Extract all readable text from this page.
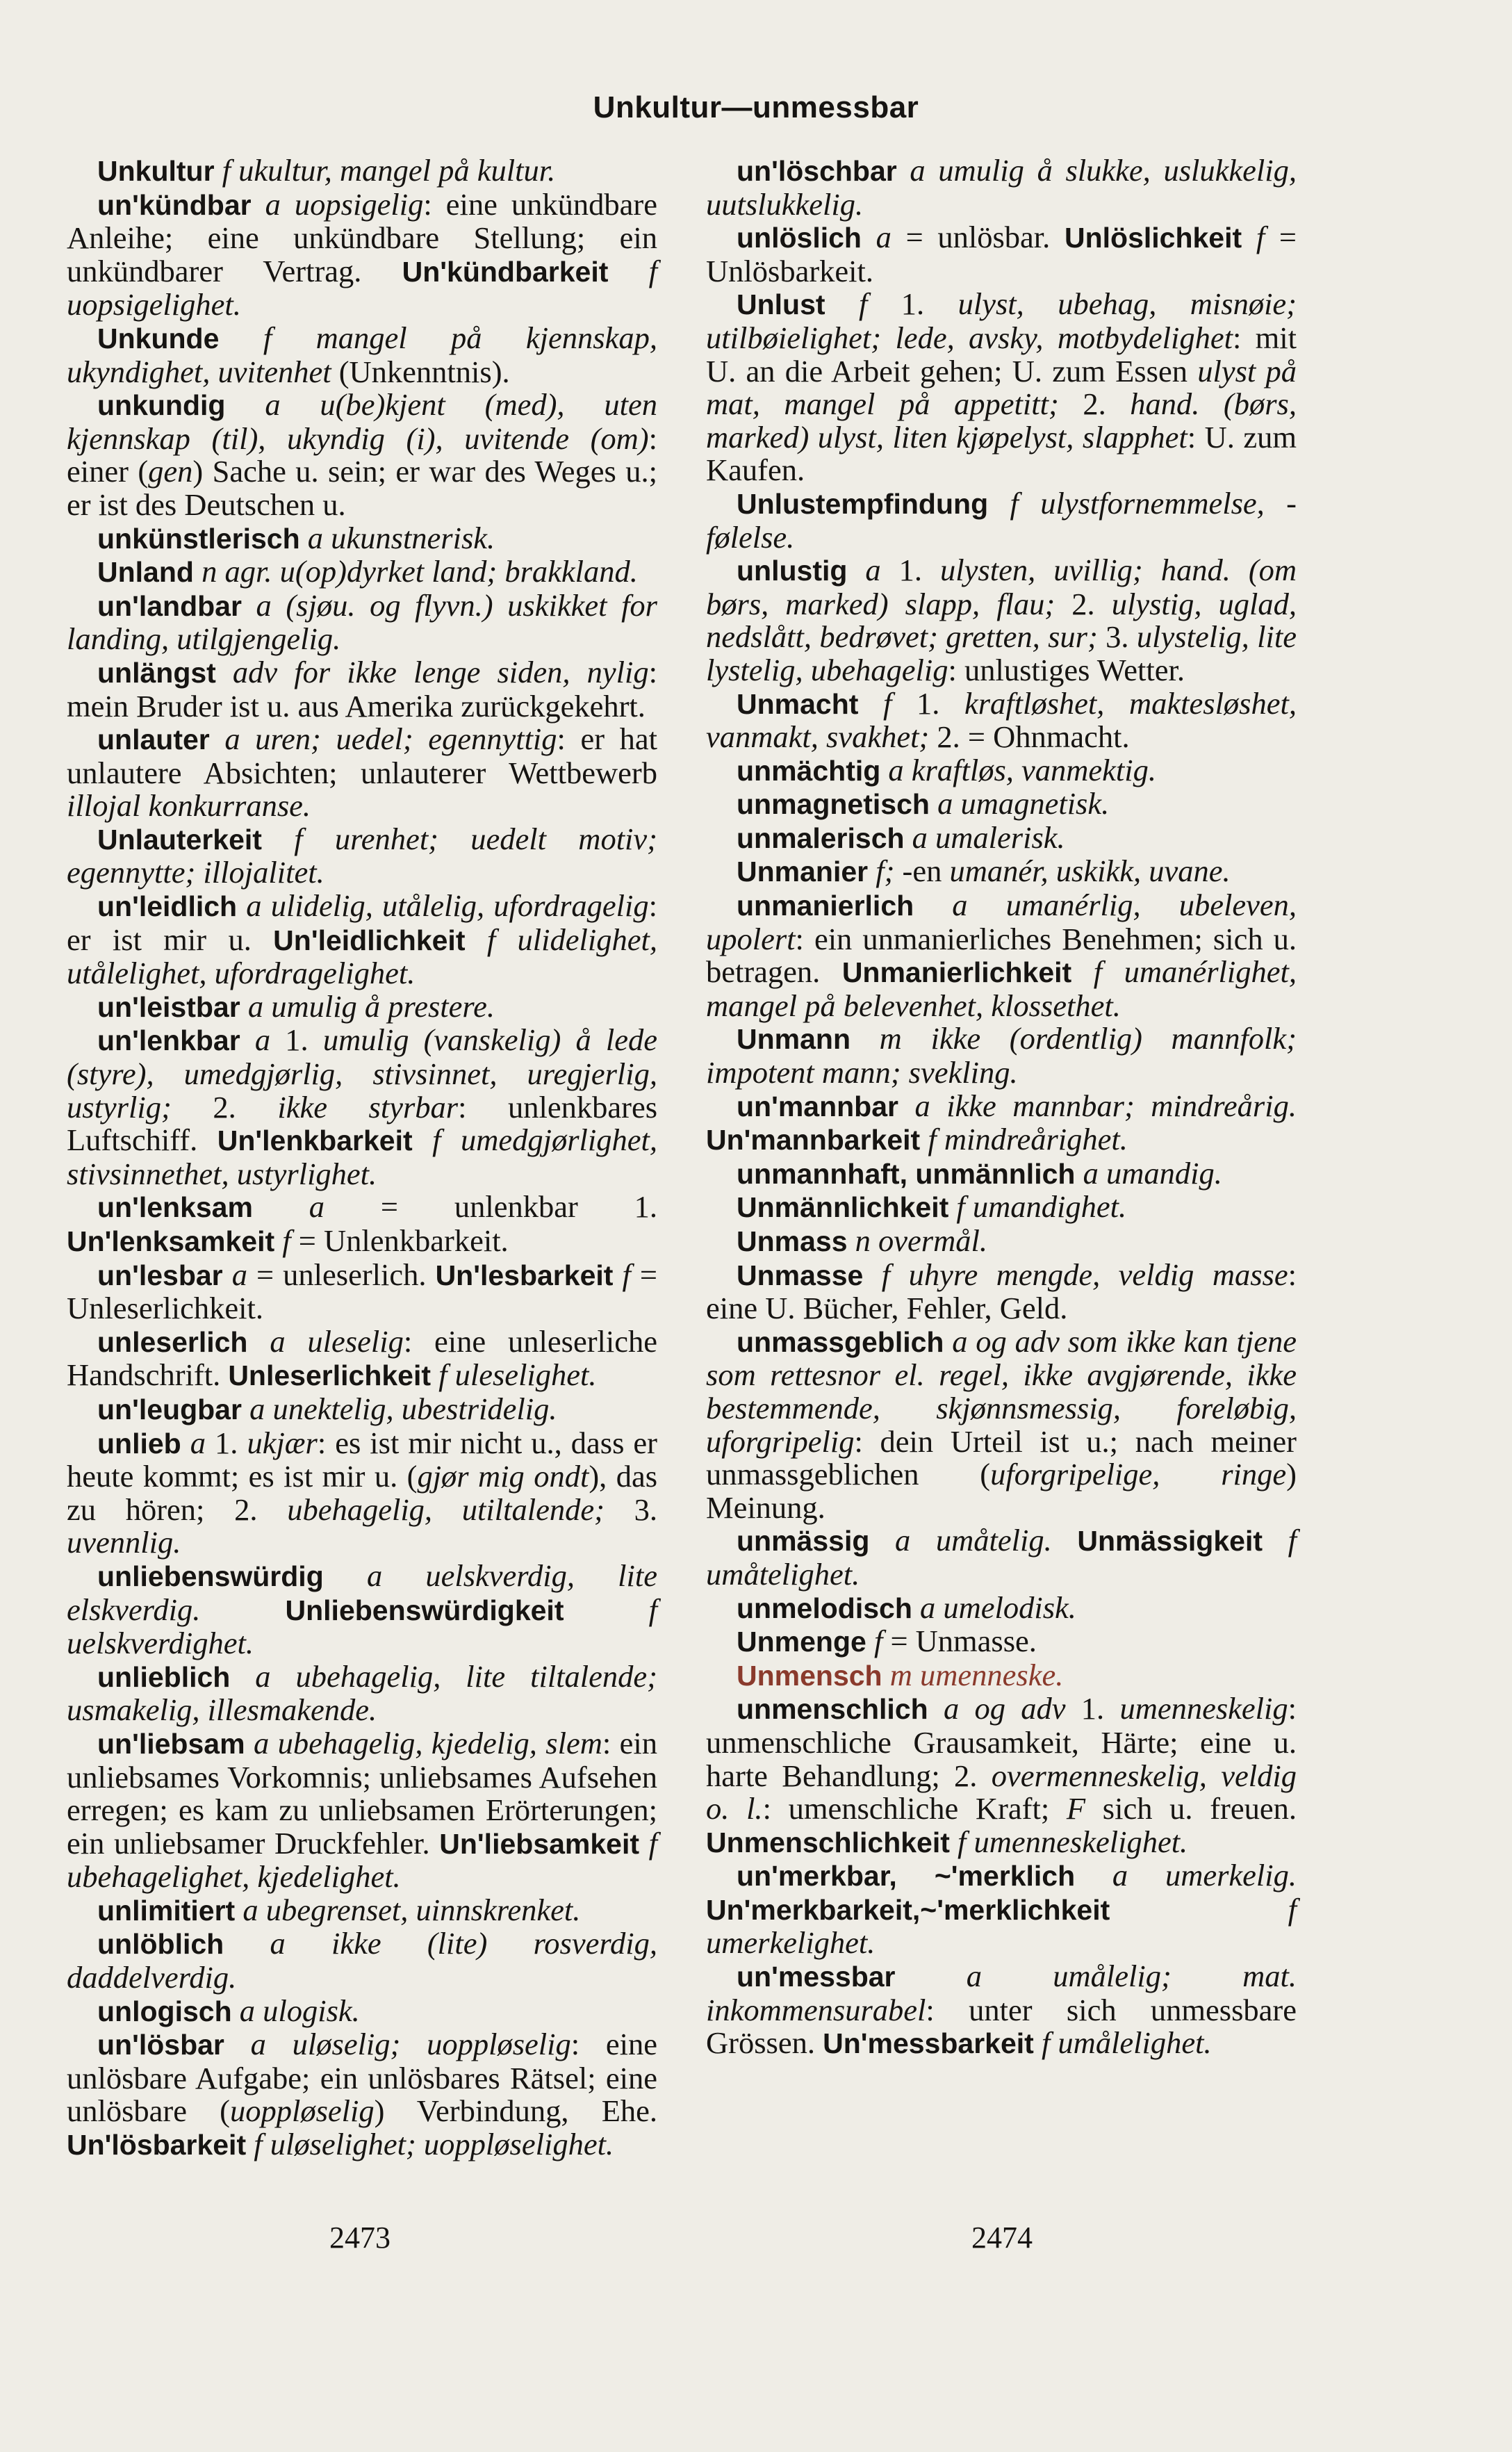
Unkultur—unmessbar

Unkultur f ukultur, mangel på kultur.

un'kündbar a uopsigelig: eine unkündbare Anleihe; eine unkündbare Stellung; ein unkündbarer Vertrag. Un'kündbarkeit f uopsigelighet.

Unkunde f mangel på kjennskap, ukyndighet, uvitenhet (Unkenntnis).

unkundig a u(be)kjent (med), uten kjennskap (til), ukyndig (i), uvitende (om): einer (gen) Sache u. sein; er war des Weges u.; er ist des Deutschen u.

unkünstlerisch a ukunstnerisk.

Unland n agr. u(op)dyrket land; brakkland.

un'landbar a (sjøu. og flyvn.) uskikket for landing, utilgjengelig.

unlängst adv for ikke lenge siden, nylig: mein Bruder ist u. aus Amerika zurückgekehrt.

unlauter a uren; uedel; egennyttig: er hat unlautere Absichten; unlauterer Wettbewerb illojal konkurranse.

Unlauterkeit f urenhet; uedelt motiv; egennytte; illojalitet.

un'leidlich a ulidelig, utålelig, ufordragelig: er ist mir u. Un'leidlichkeit f ulidelighet, utålelighet, ufordragelighet.

un'leistbar a umulig å prestere.

un'lenkbar a 1. umulig (vanskelig) å lede (styre), umedgjørlig, stivsinnet, uregjerlig, ustyrlig; 2. ikke styrbar: unlenkbares Luftschiff. Un'lenkbarkeit f umedgjørlighet, stivsinnethet, ustyrlighet.

un'lenksam a = unlenkbar 1. Un'lenksamkeit f = Unlenkbarkeit.

un'lesbar a = unleserlich. Un'lesbarkeit f = Unleserlichkeit.

unleserlich a uleselig: eine unleserliche Handschrift. Unleserlichkeit f uleselighet.

un'leugbar a unektelig, ubestridelig.

unlieb a 1. ukjær: es ist mir nicht u., dass er heute kommt; es ist mir u. (gjør mig ondt), das zu hören; 2. ubehagelig, utiltalende; 3. uvennlig.

unliebenswürdig a uelskverdig, lite elskverdig. Unliebenswürdigkeit f uelskverdighet.

unlieblich a ubehagelig, lite tiltalende; usmakelig, illesmakende.

un'liebsam a ubehagelig, kjedelig, slem: ein unliebsames Vorkomnis; unliebsames Aufsehen erregen; es kam zu unliebsamen Erörterungen; ein unliebsamer Druckfehler. Un'liebsamkeit f ubehagelighet, kjedelighet.

unlimitiert a ubegrenset, uinnskrenket.

unlöblich a ikke (lite) rosverdig, daddelverdig.

unlogisch a ulogisk.

un'lösbar a uløselig; uoppløselig: eine unlösbare Aufgabe; ein unlösbares Rätsel; eine unlösbare (uoppløselig) Verbindung, Ehe. Un'lösbarkeit f uløselighet; uoppløselighet.

un'löschbar a umulig å slukke, uslukkelig, uutslukkelig.

unlöslich a = unlösbar. Unlöslichkeit f = Unlösbarkeit.

Unlust f 1. ulyst, ubehag, misnøie; utilbøielighet; lede, avsky, motbydelighet: mit U. an die Arbeit gehen; U. zum Essen ulyst på mat, mangel på appetitt; 2. hand. (børs, marked) ulyst, liten kjøpelyst, slapphet: U. zum Kaufen.

Unlustempfindung f ulystfornemmelse, -følelse.

unlustig a 1. ulysten, uvillig; hand. (om børs, marked) slapp, flau; 2. ulystig, uglad, nedslått, bedrøvet; gretten, sur; 3. ulystelig, lite lystelig, ubehagelig: unlustiges Wetter.

Unmacht f 1. kraftløshet, maktesløshet, vanmakt, svakhet; 2. = Ohnmacht.

unmächtig a kraftløs, vanmektig.

unmagnetisch a umagnetisk.

unmalerisch a umalerisk.

Unmanier f; -en umanér, uskikk, uvane.

unmanierlich a umanérlig, ubeleven, upolert: ein unmanierliches Benehmen; sich u. betragen. Unmanierlichkeit f umanérlighet, mangel på belevenhet, klossethet.

Unmann m ikke (ordentlig) mannfolk; impotent mann; svekling.

un'mannbar a ikke mannbar; mindreårig. Un'mannbarkeit f mindreårighet.

unmannhaft, unmännlich a umandig.

Unmännlichkeit f umandighet.

Unmass n overmål.

Unmasse f uhyre mengde, veldig masse: eine U. Bücher, Fehler, Geld.

unmassgeblich a og adv som ikke kan tjene som rettesnor el. regel, ikke avgjørende, ikke bestemmende, skjønnsmessig, foreløbig, uforgripelig: dein Urteil ist u.; nach meiner unmassgeblichen (uforgripelige, ringe) Meinung.

unmässig a umåtelig. Unmässigkeit f umåtelighet.

unmelodisch a umelodisk.

Unmenge f = Unmasse.

Unmensch m umenneske.

unmenschlich a og adv 1. umenneskelig: unmenschliche Grausamkeit, Härte; eine u. harte Behandlung; 2. overmenneskelig, veldig o. l.: umenschliche Kraft; F sich u. freuen. Unmenschlichkeit f umenneskelighet.

un'merkbar, ~'merklich a umerkelig. Un'merkbarkeit,~'merklichkeit f umerkelighet.

un'messbar a umålelig; mat. inkommensurabel: unter sich unmessbare Grössen. Un'messbarkeit f umålelighet.

2473	2474
